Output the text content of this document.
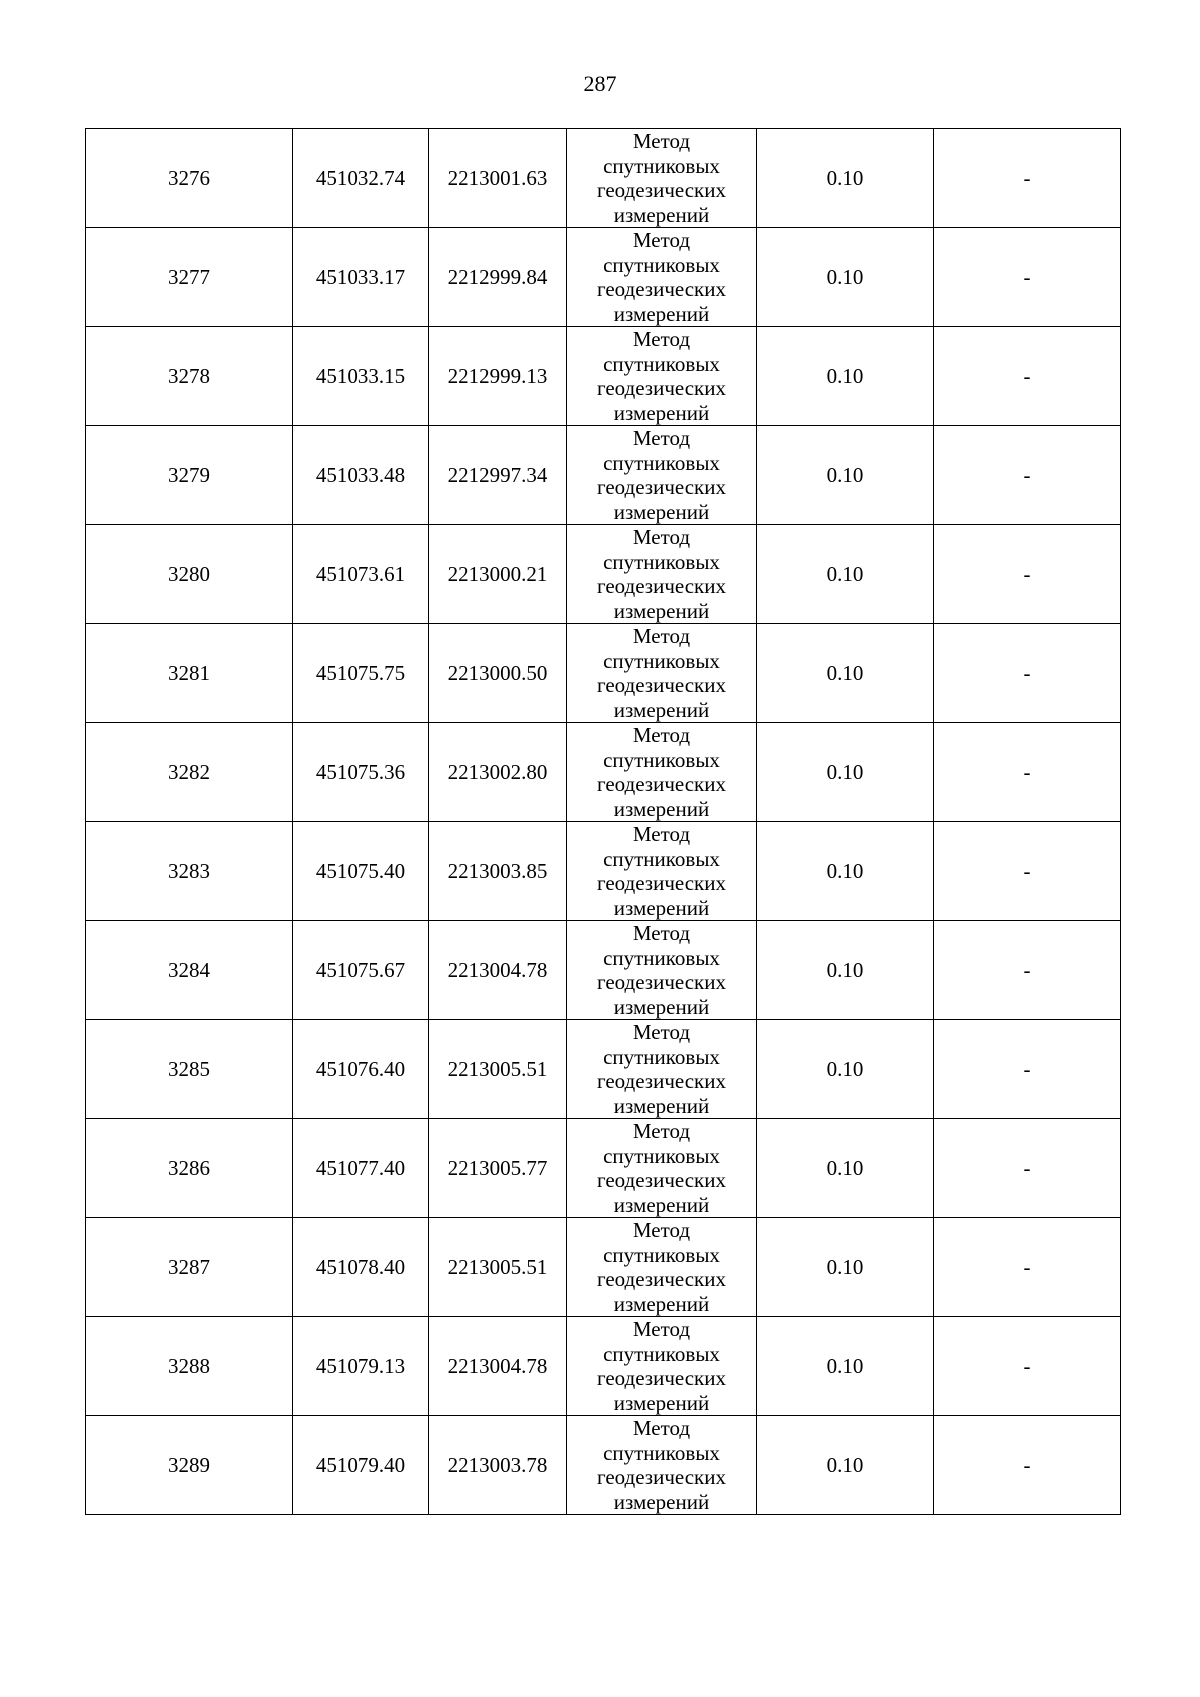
287
3276	451032.74	2213001.63	Метод
спутниковых
геодезических
измерений	0.10	-
3277	451033.17	2212999.84	Метод
спутниковых
геодезических
измерений	0.10	-
3278	451033.15	2212999.13	Метод
спутниковых
геодезических
измерений	0.10	-
3279	451033.48	2212997.34	Метод
спутниковых
геодезических
измерений	0.10	-
3280	451073.61	2213000.21	Метод
спутниковых
геодезических
измерений	0.10	-
3281	451075.75	2213000.50	Метод
спутниковых
геодезических
измерений	0.10	-
3282	451075.36	2213002.80	Метод
спутниковых
геодезических
измерений	0.10	-
3283	451075.40	2213003.85	Метод
спутниковых
геодезических
измерений	0.10	-
3284	451075.67	2213004.78	Метод
спутниковых
геодезических
измерений	0.10	-
3285	451076.40	2213005.51	Метод
спутниковых
геодезических
измерений	0.10	-
3286	451077.40	2213005.77	Метод
спутниковых
геодезических
измерений	0.10	-
3287	451078.40	2213005.51	Метод
спутниковых
геодезических
измерений	0.10	-
3288	451079.13	2213004.78	Метод
спутниковых
геодезических
измерений	0.10	-
3289	451079.40	2213003.78	Метод
спутниковых
геодезических
измерений	0.10	-
